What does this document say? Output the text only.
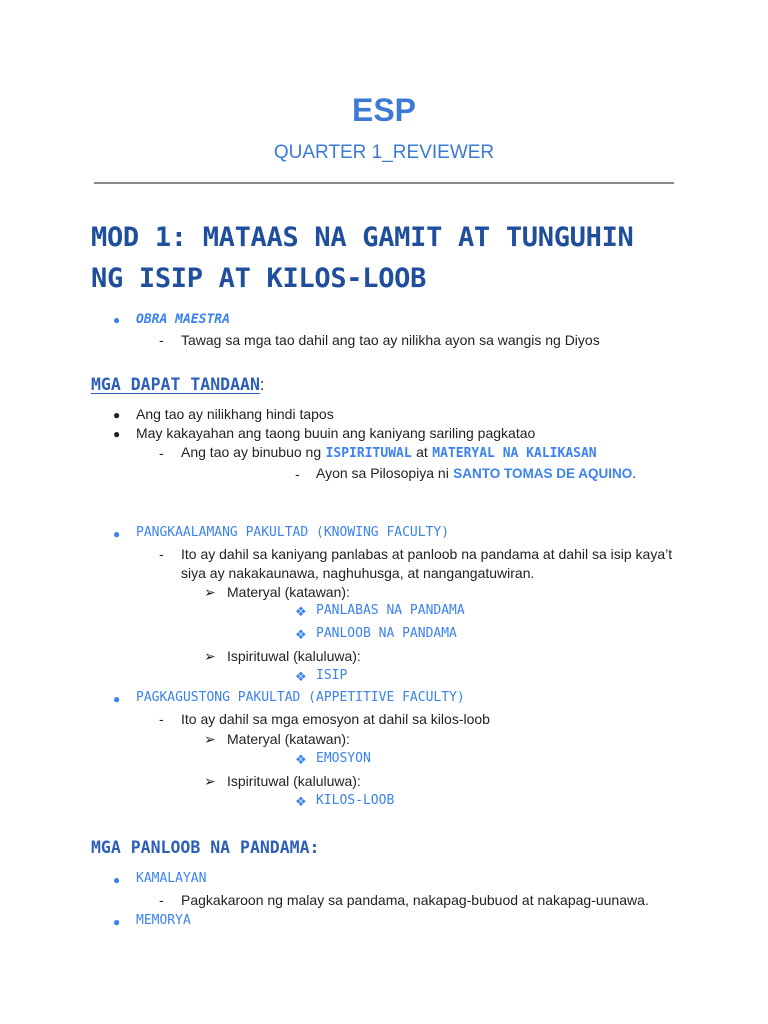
ESP
QUARTER 1_REVIEWER
MOD 1: MATAAS NA GAMIT AT TUNGUHIN
NG ISIP AT KILOS-LOOB
● OBRA MAESTRA
- Tawag sa mga tao dahil ang tao ay nilikha ayon sa wangis ng Diyos
MGA DAPAT TANDAAN:
● Ang tao ay nilikhang hindi tapos
● May kakayahan ang taong buuin ang kaniyang sariling pagkatao
- Ang tao ay binubuo ng ISPIRITUWAL at MATERYAL NA KALIKASAN
- Ayon sa Pilosopiya ni SANTO TOMAS DE AQUINO.
● PANGKAALAMANG PAKULTAD (KNOWING FACULTY)
- Ito ay dahil sa kaniyang panlabas at panloob na pandama at dahil sa isip kaya’t
siya ay nakakaunawa, naghuhusga, at nangangatuwiran.
➢ Materyal (katawan):
❖ PANLABAS NA PANDAMA
❖ PANLOOB NA PANDAMA
➢ Ispirituwal (kaluluwa):
❖ ISIP
● PAGKAGUSTONG PAKULTAD (APPETITIVE FACULTY)
- Ito ay dahil sa mga emosyon at dahil sa kilos-loob
➢ Materyal (katawan):
❖ EMOSYON
➢ Ispirituwal (kaluluwa):
❖ KILOS-LOOB
MGA PANLOOB NA PANDAMA:
● KAMALAYAN
- Pagkakaroon ng malay sa pandama, nakapag-bubuod at nakapag-uunawa.
● MEMORYA
